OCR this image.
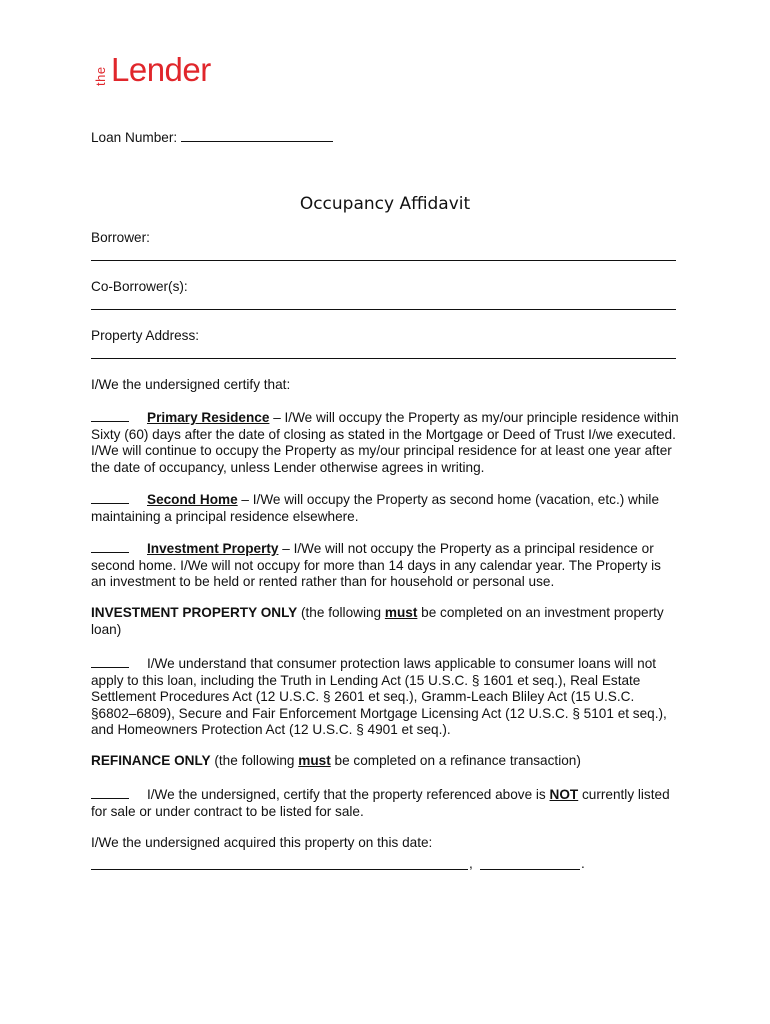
the Lender
Loan Number:
Occupancy Affidavit
Borrower:
Co-Borrower(s):
Property Address:
I/We the undersigned certify that:
Primary Residence – I/We will occupy the Property as my/our principle residence within Sixty (60) days after the date of closing as stated in the Mortgage or Deed of Trust I/we executed. I/We will continue to occupy the Property as my/our principal residence for at least one year after the date of occupancy, unless Lender otherwise agrees in writing.
Second Home – I/We will occupy the Property as second home (vacation, etc.) while maintaining a principal residence elsewhere.
Investment Property – I/We will not occupy the Property as a principal residence or second home. I/We will not occupy for more than 14 days in any calendar year. The Property is an investment to be held or rented rather than for household or personal use.
INVESTMENT PROPERTY ONLY (the following must be completed on an investment property loan)
I/We understand that consumer protection laws applicable to consumer loans will not apply to this loan, including the Truth in Lending Act (15 U.S.C. § 1601 et seq.), Real Estate Settlement Procedures Act (12 U.S.C. § 2601 et seq.), Gramm-Leach Bliley Act (15 U.S.C. §6802–6809), Secure and Fair Enforcement Mortgage Licensing Act (12 U.S.C. § 5101 et seq.), and Homeowners Protection Act (12 U.S.C. § 4901 et seq.).
REFINANCE ONLY (the following must be completed on a refinance transaction)
I/We the undersigned, certify that the property referenced above is NOT currently listed for sale or under contract to be listed for sale.
I/We the undersigned acquired this property on this date:
,	.
